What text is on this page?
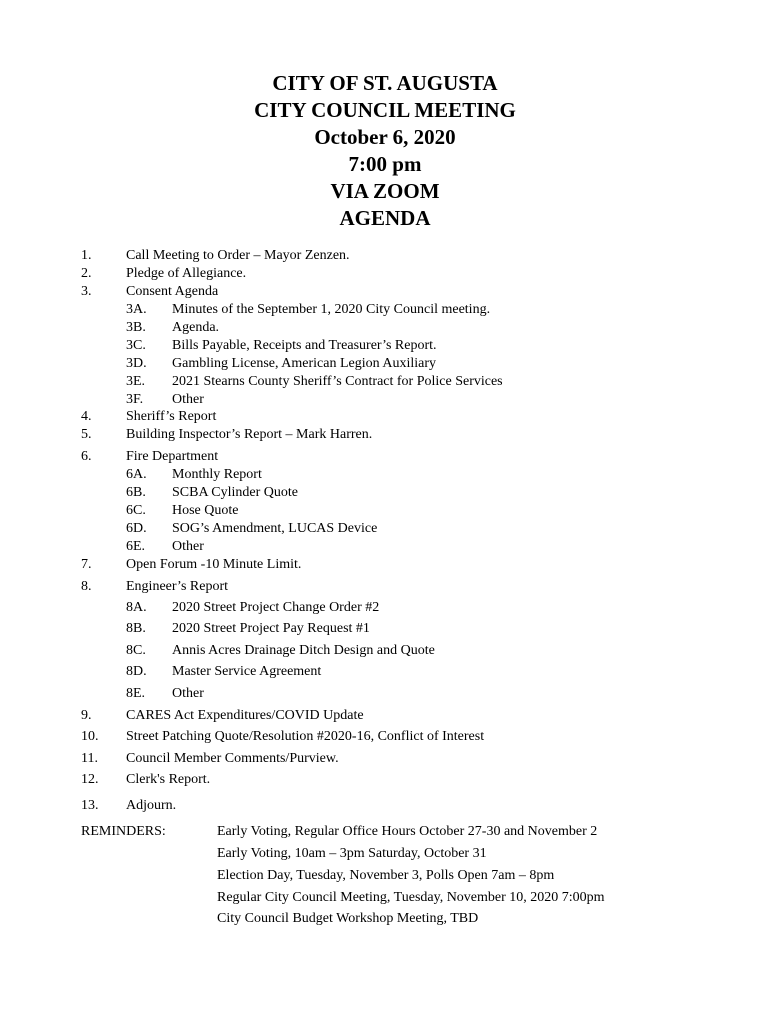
CITY OF ST. AUGUSTA
CITY COUNCIL MEETING
October 6, 2020
7:00 pm
VIA ZOOM
AGENDA
1. Call Meeting to Order – Mayor Zenzen.
2. Pledge of Allegiance.
3. Consent Agenda
3A. Minutes of the September 1, 2020 City Council meeting.
3B. Agenda.
3C. Bills Payable, Receipts and Treasurer’s Report.
3D. Gambling License, American Legion Auxiliary
3E. 2021 Stearns County Sheriff’s Contract for Police Services
3F. Other
4. Sheriff’s Report
5. Building Inspector’s Report – Mark Harren.
6. Fire Department
6A. Monthly Report
6B. SCBA Cylinder Quote
6C. Hose Quote
6D. SOG’s Amendment, LUCAS Device
6E. Other
7. Open Forum -10 Minute Limit.
8. Engineer’s Report
8A. 2020 Street Project Change Order #2
8B. 2020 Street Project Pay Request #1
8C. Annis Acres Drainage Ditch Design and Quote
8D. Master Service Agreement
8E. Other
9. CARES Act Expenditures/COVID Update
10. Street Patching Quote/Resolution #2020-16, Conflict of Interest
11. Council Member Comments/Purview.
12. Clerk's Report.
13. Adjourn.
REMINDERS:	Early Voting, Regular Office Hours October 27-30 and November 2
Early Voting, 10am – 3pm Saturday, October 31
Election Day, Tuesday, November 3, Polls Open 7am – 8pm
Regular City Council Meeting, Tuesday, November 10, 2020 7:00pm
City Council Budget Workshop Meeting, TBD
